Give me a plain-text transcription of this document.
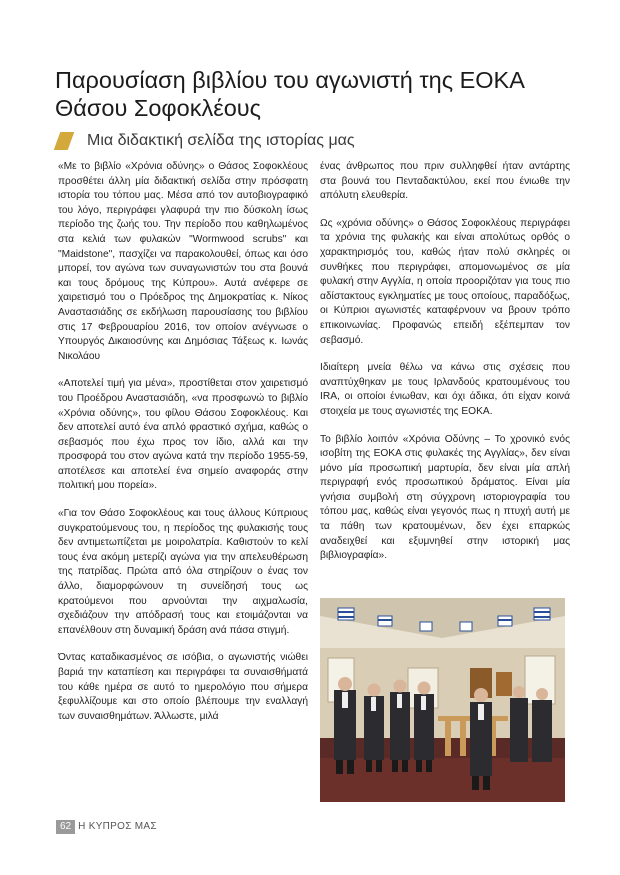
Παρουσίαση βιβλίου του αγωνιστή της ΕΟΚΑ Θάσου Σοφοκλέους
Μια διδακτική σελίδα της ιστορίας μας

«Με το βιβλίο «Χρόνια οδύνης» ο Θάσος Σοφοκλέους προσθέτει άλλη μία διδακτική σελίδα στην πρόσφατη ιστορία του τόπου μας. Μέσα από τον αυτοβιογραφικό του λόγο, περιγράφει γλαφυρά την πιο δύσκολη ίσως περίοδο της ζωής του. Την περίοδο που καθηλωμένος στα κελιά των φυλακών "Wormwood scrubs" και "Maidstone", πασχίζει να παρακολουθεί, όπως και όσο μπορεί, τον αγώνα των συναγωνιστών του στα βουνά και τους δρόμους της Κύπρου». Αυτά ανέφερε σε χαιρετισμό του ο Πρόεδρος της Δημοκρατίας κ. Νίκος Αναστασιάδης σε εκδήλωση παρουσίασης του βιβλίου στις 17 Φεβρουαρίου 2016, τον οποίον ανέγνωσε ο Υπουργός Δικαιοσύνης και Δημόσιας Τάξεως κ. Ιωνάς Νικολάου

«Αποτελεί τιμή για μένα», προστίθεται στον χαιρετισμό του Προέδρου Αναστασιάδη, «να προσφωνώ το βιβλίο «Χρόνια οδύνης», του φίλου Θάσου Σοφοκλέους. Και δεν αποτελεί αυτό ένα απλό φραστικό σχήμα, καθώς ο σεβασμός που έχω προς τον ίδιο, αλλά και την προσφορά του στον αγώνα κατά την περίοδο 1955-59, αποτέλεσε και αποτελεί ένα σημείο αναφοράς στην πολιτική μου πορεία».

«Για τον Θάσο Σοφοκλέους και τους άλλους Κύπριους συγκρατούμενους του, η περίοδος της φυλακισής τους δεν αντιμετωπίζεται με μοιρολατρία. Καθιστούν το κελί τους ένα ακόμη μετερίζι αγώνα για την απελευθέρωση της πατρίδας. Πρώτα από όλα στηρίζουν ο ένας τον άλλο, διαμορφώνουν τη συνείδησή τους ως κρατούμενοι που αρνούνται την αιχμαλωσία, σχεδιάζουν την απόδρασή τους και ετοιμάζονται να επανέλθουν στη δυναμική δράση ανά πάσα στιγμή.

Όντας καταδικασμένος σε ισόβια, ο αγωνιστής νιώθει βαριά την καταπίεση και περιγράφει τα συναισθήματά του κάθε ημέρα σε αυτό το ημερολόγιο που σήμερα ξεφυλλίζουμε και στο οποίο βλέπουμε την εναλλαγή των συναισθημάτων. Άλλωστε, μιλά

ένας άνθρωπος που πριν συλληφθεί ήταν αντάρτης στα βουνά του Πενταδακτύλου, εκεί που ένιωθε την απόλυτη ελευθερία.

Ως «χρόνια οδύνης» ο Θάσος Σοφοκλέους περιγράφει τα χρόνια της φυλακής και είναι απολύτως ορθός ο χαρακτηρισμός του, καθώς ήταν πολύ σκληρές οι συνθήκες που περιγράφει, απομονωμένος σε μία φυλακή στην Αγγλία, η οποία προοριζόταν για τους πιο αδίστακτους εγκληματίες με τους οποίους, παραδόξως, οι Κύπριοι αγωνιστές καταφέρνουν να βρουν τρόπο επικοινωνίας. Προφανώς επειδή εξέπεμπαν τον σεβασμό.

Ιδιαίτερη μνεία θέλω να κάνω στις σχέσεις που αναπτύχθηκαν με τους Ιρλανδούς κρατουμένους του IRA, οι οποίοι ένιωθαν, και όχι άδικα, ότι είχαν κοινά στοιχεία με τους αγωνιστές της ΕΟΚΑ.

Το βιβλίο λοιπόν «Χρόνια Οδύνης – Το χρονικό ενός ισοβίτη της ΕΟΚΑ στις φυλακές της Αγγλίας», δεν είναι μόνο μία προσωπική μαρτυρία, δεν είναι μία απλή περιγραφή ενός προσωπικού δράματος. Είναι μία γνήσια συμβολή στη σύγχρονη ιστοριογραφία του τόπου μας, καθώς είναι γεγονός πως η πτυχή αυτή με τα πάθη των κρατουμένων, δεν έχει επαρκώς αναδειχθεί και εξυμνηθεί στην ιστορική μας βιβλιογραφία».

62 Η ΚΥΠΡΟΣ ΜΑΣ
